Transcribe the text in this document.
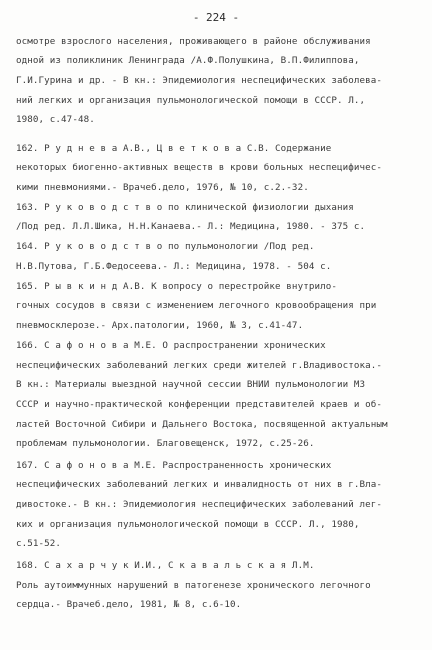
- 224 -
осмотре взрослого населения, проживающего в районе обслуживания
одной из поликлиник Ленинграда /А.Ф.Полушкина, В.П.Филиппова,
Г.И.Гурина и др. - В кн.: Эпидемиология неспецифических заболева-
ний легких и организация пульмонологической помощи в СССР. Л.,
1980, с.47-48.
162. Р у д н е в а А.В., Ц в е т к о в а С.В. Содержание
некоторых биогенно-активных веществ в крови больных неспецифичес-
кими пневмониями.- Врачеб.дело, 1976, № 10, с.2.-32.
163. Р у к о в о д с т в о по клинической физиологии дыхания
/Под ред. Л.Л.Шика, Н.Н.Канаева.- Л.: Медицина, 1980. - 375 с.
164. Р у к о в о д с т в о по пульмонологии /Под ред.
Н.В.Путова, Г.Б.Федосеева.- Л.: Медицина, 1978. - 504 с.
165. Р ы в к и н д А.В. К вопросу о перестройке внутрило-
гочных сосудов в связи с изменением легочного кровообращения при
пневмосклерозе.- Арх.патологии, 1960, № 3, с.41-47.
166. С а ф о н о в а М.Е. О распространении хронических
неспецифических заболеваний легких среди жителей г.Владивостока.-
В кн.: Материалы выездной научной сессии ВНИИ пульмонологии МЗ
СССР и научно-практической конференции представителей краев и об-
ластей Восточной Сибири и Дальнего Востока, посвященной актуальным
проблемам пульмонологии. Благовещенск, 1972, с.25-26.
167. С а ф о н о в а М.Е. Распространенность хронических
неспецифических заболеваний легких и инвалидность от них в г.Вла-
дивостоке.- В кн.: Эпидемиология неспецифических заболеваний лег-
ких и организация пульмонологической помощи в СССР. Л., 1980,
с.51-52.
168. С а х а р ч у к И.И., С к а в а л ь с к а я Л.М.
Роль аутоиммунных нарушений в патогенезе хронического легочного
сердца.- Врачеб.дело, 1981, № 8, с.6-10.
